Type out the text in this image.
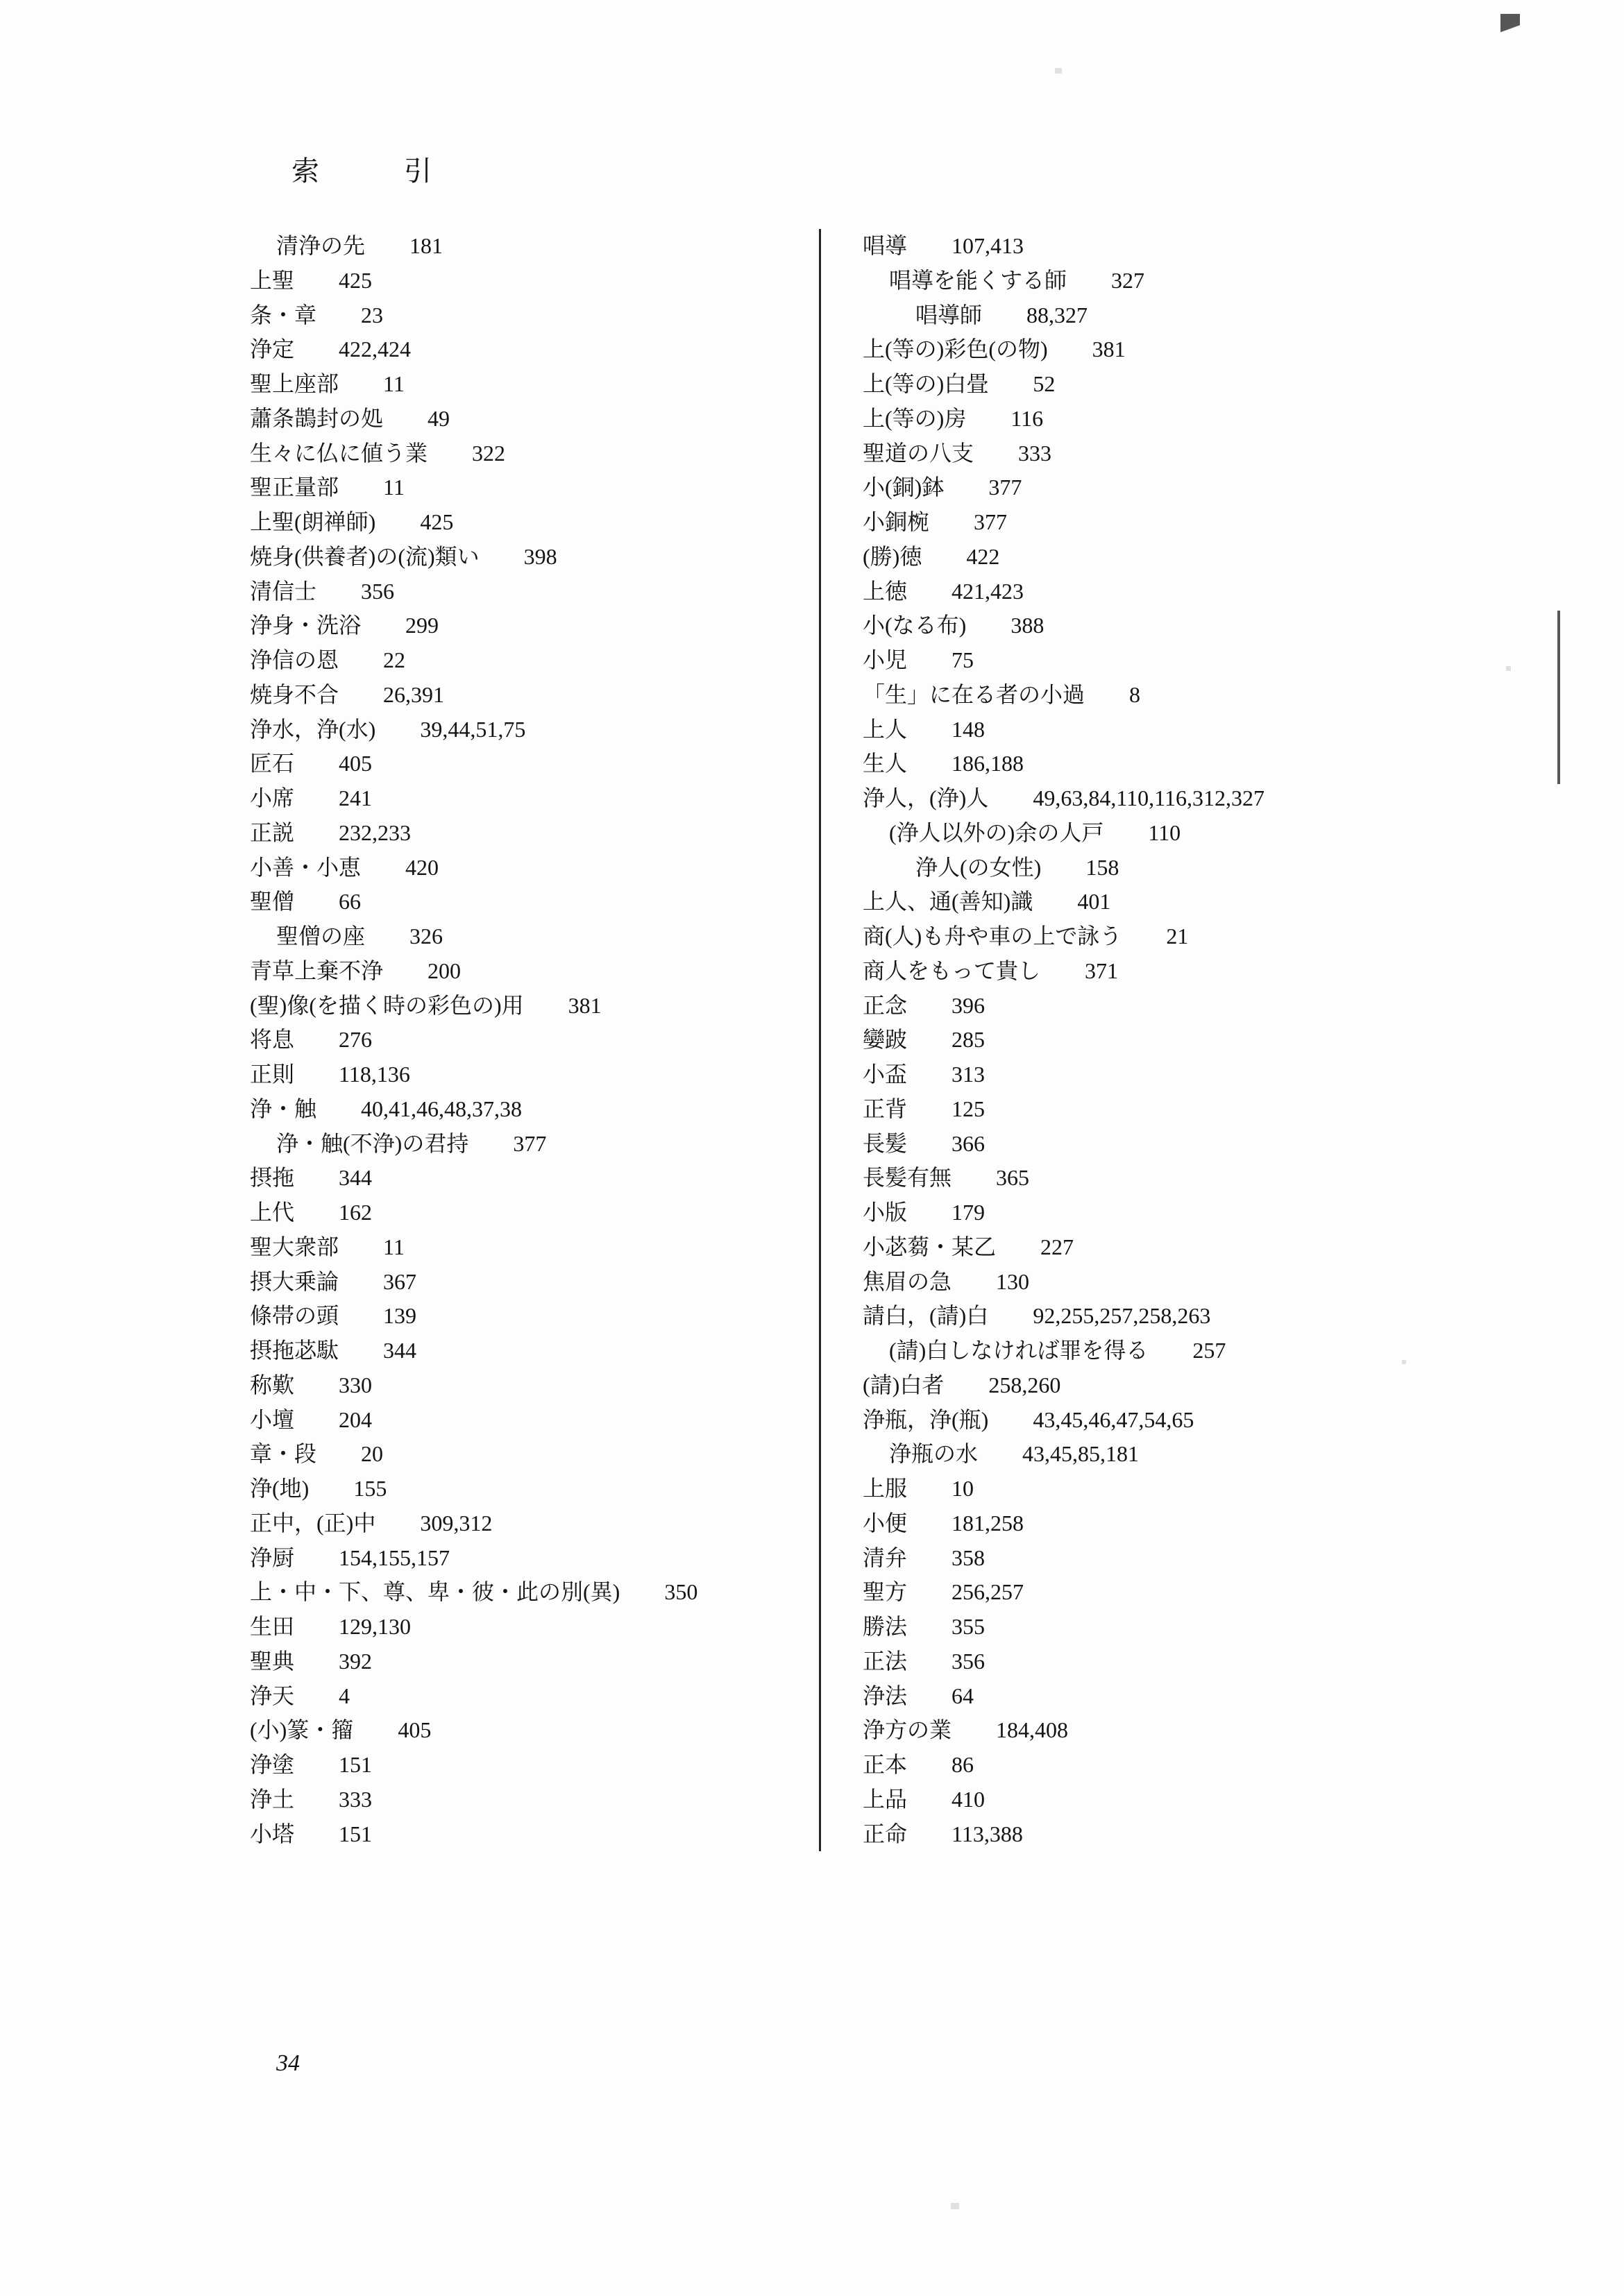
索　　引
清浄の先　　 181
上聖　　 425
条・章　　 23
浄定　　 422,424
聖上座部　　 11
蕭条鵲封の処　　 49
生々に仏に値う業　　 322
聖正量部　　 11
上聖(朗禅師)　　 425
焼身(供養者)の(流)類い　　 398
清信士　　 356
浄身・洗浴　　 299
浄信の恩　　 22
焼身不合　　 26,391
浄水，浄(水)　　 39,44,51,75
匠石　　 405
小席　　 241
正説　　 232,233
小善・小恵　　 420
聖僧　　 66
聖僧の座　　 326
青草上棄不浄　　 200
(聖)像(を描く時の彩色の)用　　 381
将息　　 276
正則　　 118,136
浄・触　　 40,41,46,48,37,38
浄・触(不浄)の君持　　 377
摂拖　　 344
上代　　 162
聖大衆部　　 11
摂大乗論　　 367
條帯の頭　　 139
摂拖苾駄　　 344
称歎　　 330
小壇　　 204
章・段　　 20
浄(地)　　 155
正中，(正)中　　 309,312
浄厨　　 154,155,157
上・中・下、尊、卑・彼・此の別(異)　　 350
生田　　 129,130
聖典　　 392
浄天　　 4
(小)篆・籀　　 405
浄塗　　 151
浄土　　 333
小塔　　 151
唱導　　 107,413
唱導を能くする師　　 327
唱導師　　 88,327
上(等の)彩色(の物)　　 381
上(等の)白畳　　 52
上(等の)房　　 116
聖道の八支　　 333
小(銅)鉢　　 377
小銅椀　　 377
(勝)徳　　 422
上徳　　 421,423
小(なる布)　　 388
小児　　 75
「生」に在る者の小過　　 8
上人　　 148
生人　　 186,188
浄人，(浄)人　　 49,63,84,110,116,312,327
(浄人以外の)余の人戸　　 110
浄人(の女性)　　 158
上人、通(善知)識　　 401
商(人)も舟や車の上で詠う　　 21
商人をもって貴し　　 371
正念　　 396
孌跛　　 285
小盃　　 313
正背　　 125
長髪　　 366
長髪有無　　 365
小版　　 179
小苾蒭・某乙　　 227
焦眉の急　　 130
請白，(請)白　　 92,255,257,258,263
(請)白しなければ罪を得る　　 257
(請)白者　　 258,260
浄瓶，浄(瓶)　　 43,45,46,47,54,65
浄瓶の水　　 43,45,85,181
上服　　 10
小便　　 181,258
清弁　　 358
聖方　　 256,257
勝法　　 355
正法　　 356
浄法　　 64
浄方の業　　 184,408
正本　　 86
上品　　 410
正命　　 113,388
34
